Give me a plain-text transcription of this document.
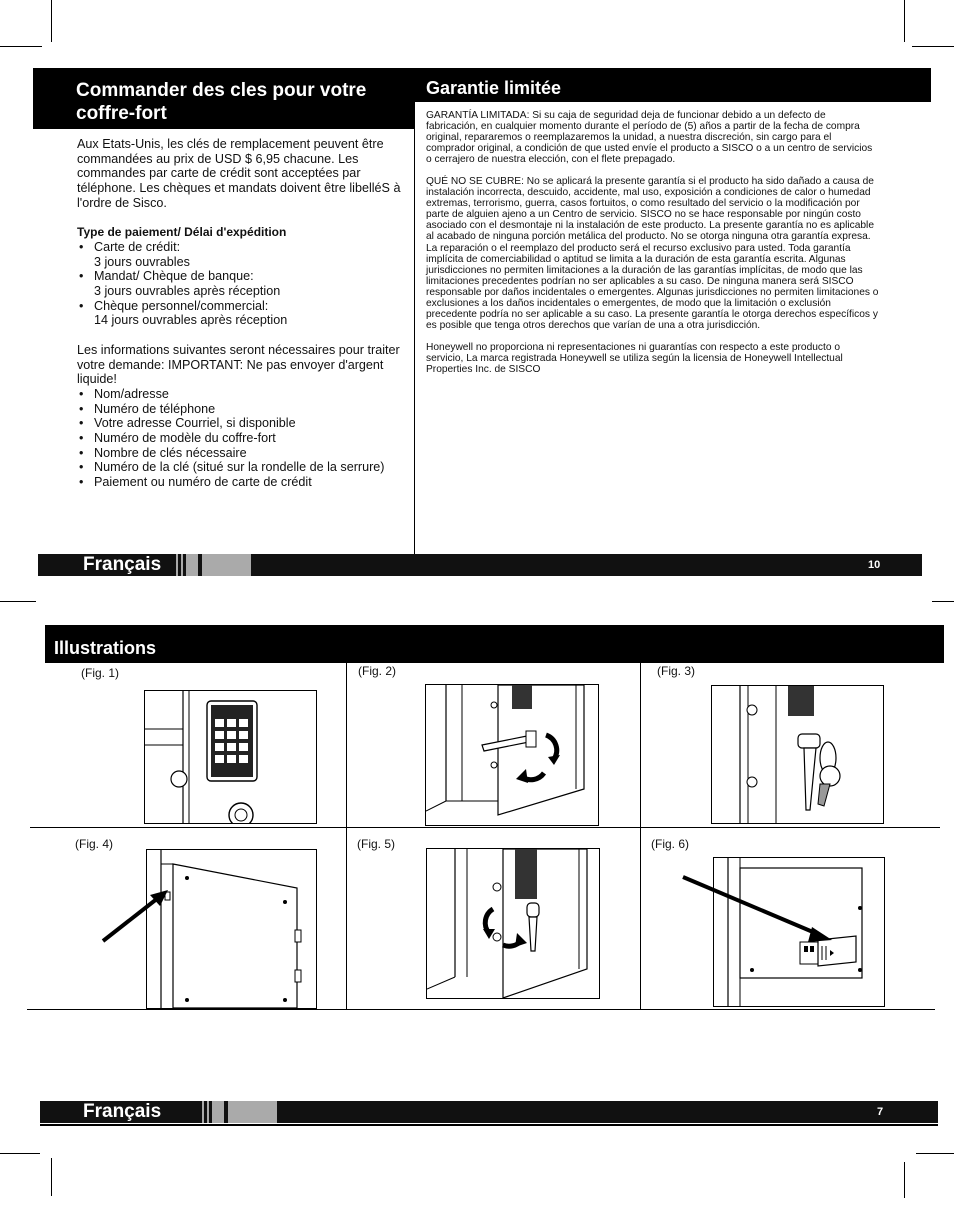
Commander des cles pour votre coffre-fort
Garantie limitée

Aux Etats-Unis, les clés de remplacement peuvent être commandées au prix de USD $ 6,95 chacune. Les commandes par carte de crédit sont acceptées par téléphone. Les chèques et mandats doivent être libelléS à l'ordre de Sisco.

Type de paiement/ Délai d'expédition

• Carte de crédit:
3 jours ouvrables
• Mandat/ Chèque de banque:
3 jours ouvrables après réception
• Chèque personnel/commercial:
14 jours ouvrables après réception

Les informations suivantes seront nécessaires pour traiter votre demande: IMPORTANT: Ne pas envoyer d'argent liquide!

• Nom/adresse
• Numéro de téléphone
• Votre adresse Courriel, si disponible
• Numéro de modèle du coffre-fort
• Nombre de clés nécessaire
• Numéro de la clé (situé sur la rondelle de la serrure)
• Paiement ou numéro de carte de crédit

GARANTÍA LIMITADA: Si su caja de seguridad deja de funcionar debido a un defecto de fabricación, en cualquier momento durante el período de (5) años a partir de la fecha de compra original, repararemos o reemplazaremos la unidad, a nuestra discreción, sin cargo para el comprador original, a condición de que usted envíe el producto a SISCO o a un centro de servicios o cerrajero de nuestra elección, con el flete prepagado.

QUÉ NO SE CUBRE: No se aplicará la presente garantía si el producto ha sido dañado a causa de instalación incorrecta, descuido, accidente, mal uso, exposición a condiciones de calor o humedad extremas, terrorismo, guerra, casos fortuitos, o como resultado del servicio o la modificación por parte de alguien ajeno a un Centro de servicio. SISCO no se hace responsable por ningún costo asociado con el desmontaje ni la instalación de este producto. La presente garantía no es aplicable al acabado de ninguna porción metálica del producto. No se otorga ninguna otra garantía expresa. La reparación o el reemplazo del producto será el recurso exclusivo para usted. Toda garantía implícita de comerciabilidad o aptitud se limita a la duración de esta garantía escrita. Algunas jurisdicciones no permiten limitaciones a la duración de las garantías implícitas, de modo que las limitaciones precedentes podrían no ser aplicables a su caso. De ninguna manera será SISCO responsable por daños incidentales o emergentes. Algunas jurisdicciones no permiten limitaciones o exclusiones a los daños incidentales o emergentes, de modo que la limitación o exclusión precedente podría no ser aplicable a su caso. La presente garantía le otorga derechos específicos y es posible que tenga otros derechos que varían de una a otra jurisdicción.

Honeywell no proporciona ni representaciones ni guarantías con respecto a este producto o servicio, La marca registrada Honeywell se utiliza según la licensia de Honeywell Intellectual Properties Inc. de SISCO

Français	10
Illustrations
(Fig. 1)	(Fig. 2)	(Fig. 3)
(Fig. 4)	(Fig. 5)	(Fig. 6)
Français	7
